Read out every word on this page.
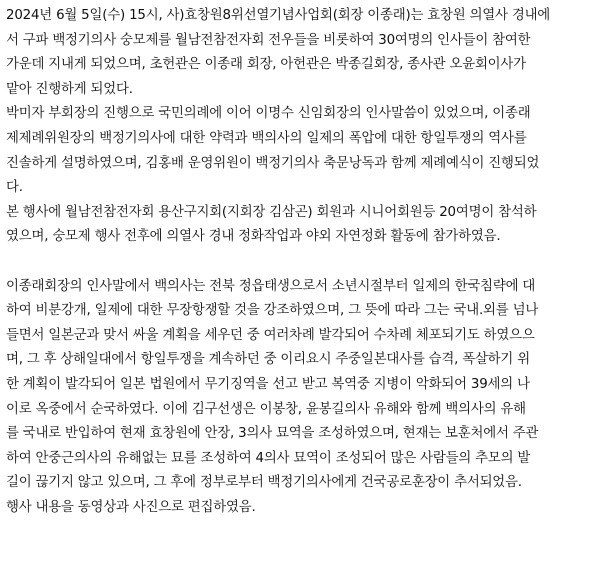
2024년 6월 5일(수) 15시, 사)효창원8위선열기념사업회(회장 이종래)는 효창원 의열사 경내에
서 구파 백정기의사 숭모제를 월남전참전자회 전우들을 비롯하여 30여명의 인사들이 참여한
가운데 지내게 되었으며, 초헌관은 이종래 회장, 아헌관은 박종길회장, 종사관 오윤회이사가
맡아 진행하게 되었다.
박미자 부회장의 진행으로 국민의례에 이어 이명수 신임회장의 인사말씀이 있었으며, 이종래
제제례위원장의 백정기의사에 대한 약력과 백의사의 일제의 폭압에 대한 항일투쟁의 역사를
진솔하게 설명하였으며, 김홍배 운영위원이 백정기의사 축문낭독과 함께 제례예식이 진행되었
다.
본 행사에 월남전참전자회 용산구지회(지회장 김삼곤) 회원과 시니어회원등 20여명이 참석하
였으며, 숭모제 행사 전후에 의열사 경내 정화작업과 야외 자연정화 활동에 참가하였음.
이종래회장의 인사말에서 백의사는 전북 정읍태생으로서 소년시절부터 일제의 한국침략에 대
하여 비분강개, 일제에 대한 무장항쟁할 것을 강조하였으며, 그 뜻에 따라 그는 국내.외를 넘나
들면서 일본군과 맞서 싸울 계획을 세우던 중 여러차례 발각되어 수차례 체포되기도 하였으으
며, 그 후 상해일대에서 항일투쟁을 계속하던 중 이리요시 주중일본대사를 습격, 폭살하기 위
한 계획이 발각되어 일본 법원에서 무기징역을 선고 받고 복역중 지병이 악화되어 39세의 나
이로 옥중에서 순국하였다. 이에 김구선생은 이봉창, 윤봉길의사 유해와 함께 백의사의 유해
를 국내로 반입하여 현재 효창원에 안장, 3의사 묘역을 조성하였으며, 현재는 보훈처에서 주관
하여 안중근의사의 유해없는 묘를 조성하여 4의사 묘역이 조성되어 많은 사람들의 추모의 발
길이 끊기지 않고 있으며, 그 후에 정부로부터 백정기의사에게 건국공로훈장이 추서되었음.
행사 내용을 동영상과 사진으로 편집하였음.
